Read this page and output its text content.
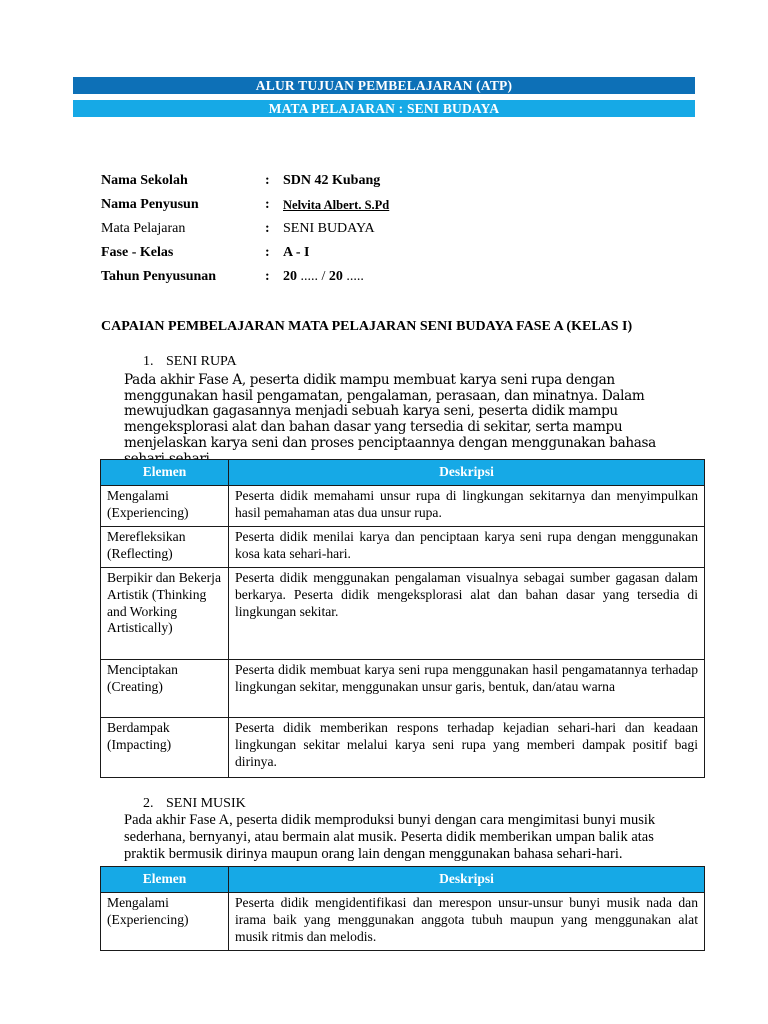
ALUR TUJUAN PEMBELAJARAN (ATP)
MATA PELAJARAN : SENI BUDAYA
Nama Sekolah	: SDN 42 Kubang
Nama Penyusun	: Nelvita Albert. S.Pd
Mata Pelajaran	: SENI BUDAYA
Fase - Kelas	: A - I
Tahun Penyusunan	: 20 ..... / 20 .....
CAPAIAN PEMBELAJARAN MATA PELAJARAN SENI BUDAYA FASE A (KELAS I)
1. SENI RUPA
Pada akhir Fase A, peserta didik mampu membuat karya seni rupa dengan menggunakan hasil pengamatan, pengalaman, perasaan, dan minatnya. Dalam mewujudkan gagasannya menjadi sebuah karya seni, peserta didik mampu mengeksplorasi alat dan bahan dasar yang tersedia di sekitar, serta mampu menjelaskan karya seni dan proses penciptaannya dengan menggunakan bahasa
Elemen	Deskripsi
Mengalami (Experiencing)	Peserta didik memahami unsur rupa di lingkungan sekitarnya dan menyimpulkan hasil pemahaman atas dua unsur rupa.
Merefleksikan (Reflecting)	Peserta didik menilai karya dan penciptaan karya seni rupa dengan menggunakan kosa kata sehari-hari.
Berpikir dan Bekerja Artistik (Thinking and Working Artistically)	Peserta didik menggunakan pengalaman visualnya sebagai sumber gagasan dalam berkarya. Peserta didik mengeksplorasi alat dan bahan dasar yang tersedia di lingkungan sekitar.
Menciptakan (Creating)	Peserta didik membuat karya seni rupa menggunakan hasil pengamatannya terhadap lingkungan sekitar, menggunakan unsur garis, bentuk, dan/atau warna
Berdampak (Impacting)	Peserta didik memberikan respons terhadap kejadian sehari-hari dan keadaan lingkungan sekitar melalui karya seni rupa yang memberi dampak positif bagi dirinya.
2. SENI MUSIK
Pada akhir Fase A, peserta didik memproduksi bunyi dengan cara mengimitasi bunyi musik sederhana, bernyanyi, atau bermain alat musik. Peserta didik memberikan umpan balik atas praktik bermusik dirinya maupun orang lain dengan menggunakan bahasa sehari-hari.
Elemen	Deskripsi
Mengalami (Experiencing)	Peserta didik mengidentifikasi dan merespon unsur-unsur bunyi musik nada dan irama baik yang menggunakan anggota tubuh maupun yang menggunakan alat musik ritmis dan melodis.
